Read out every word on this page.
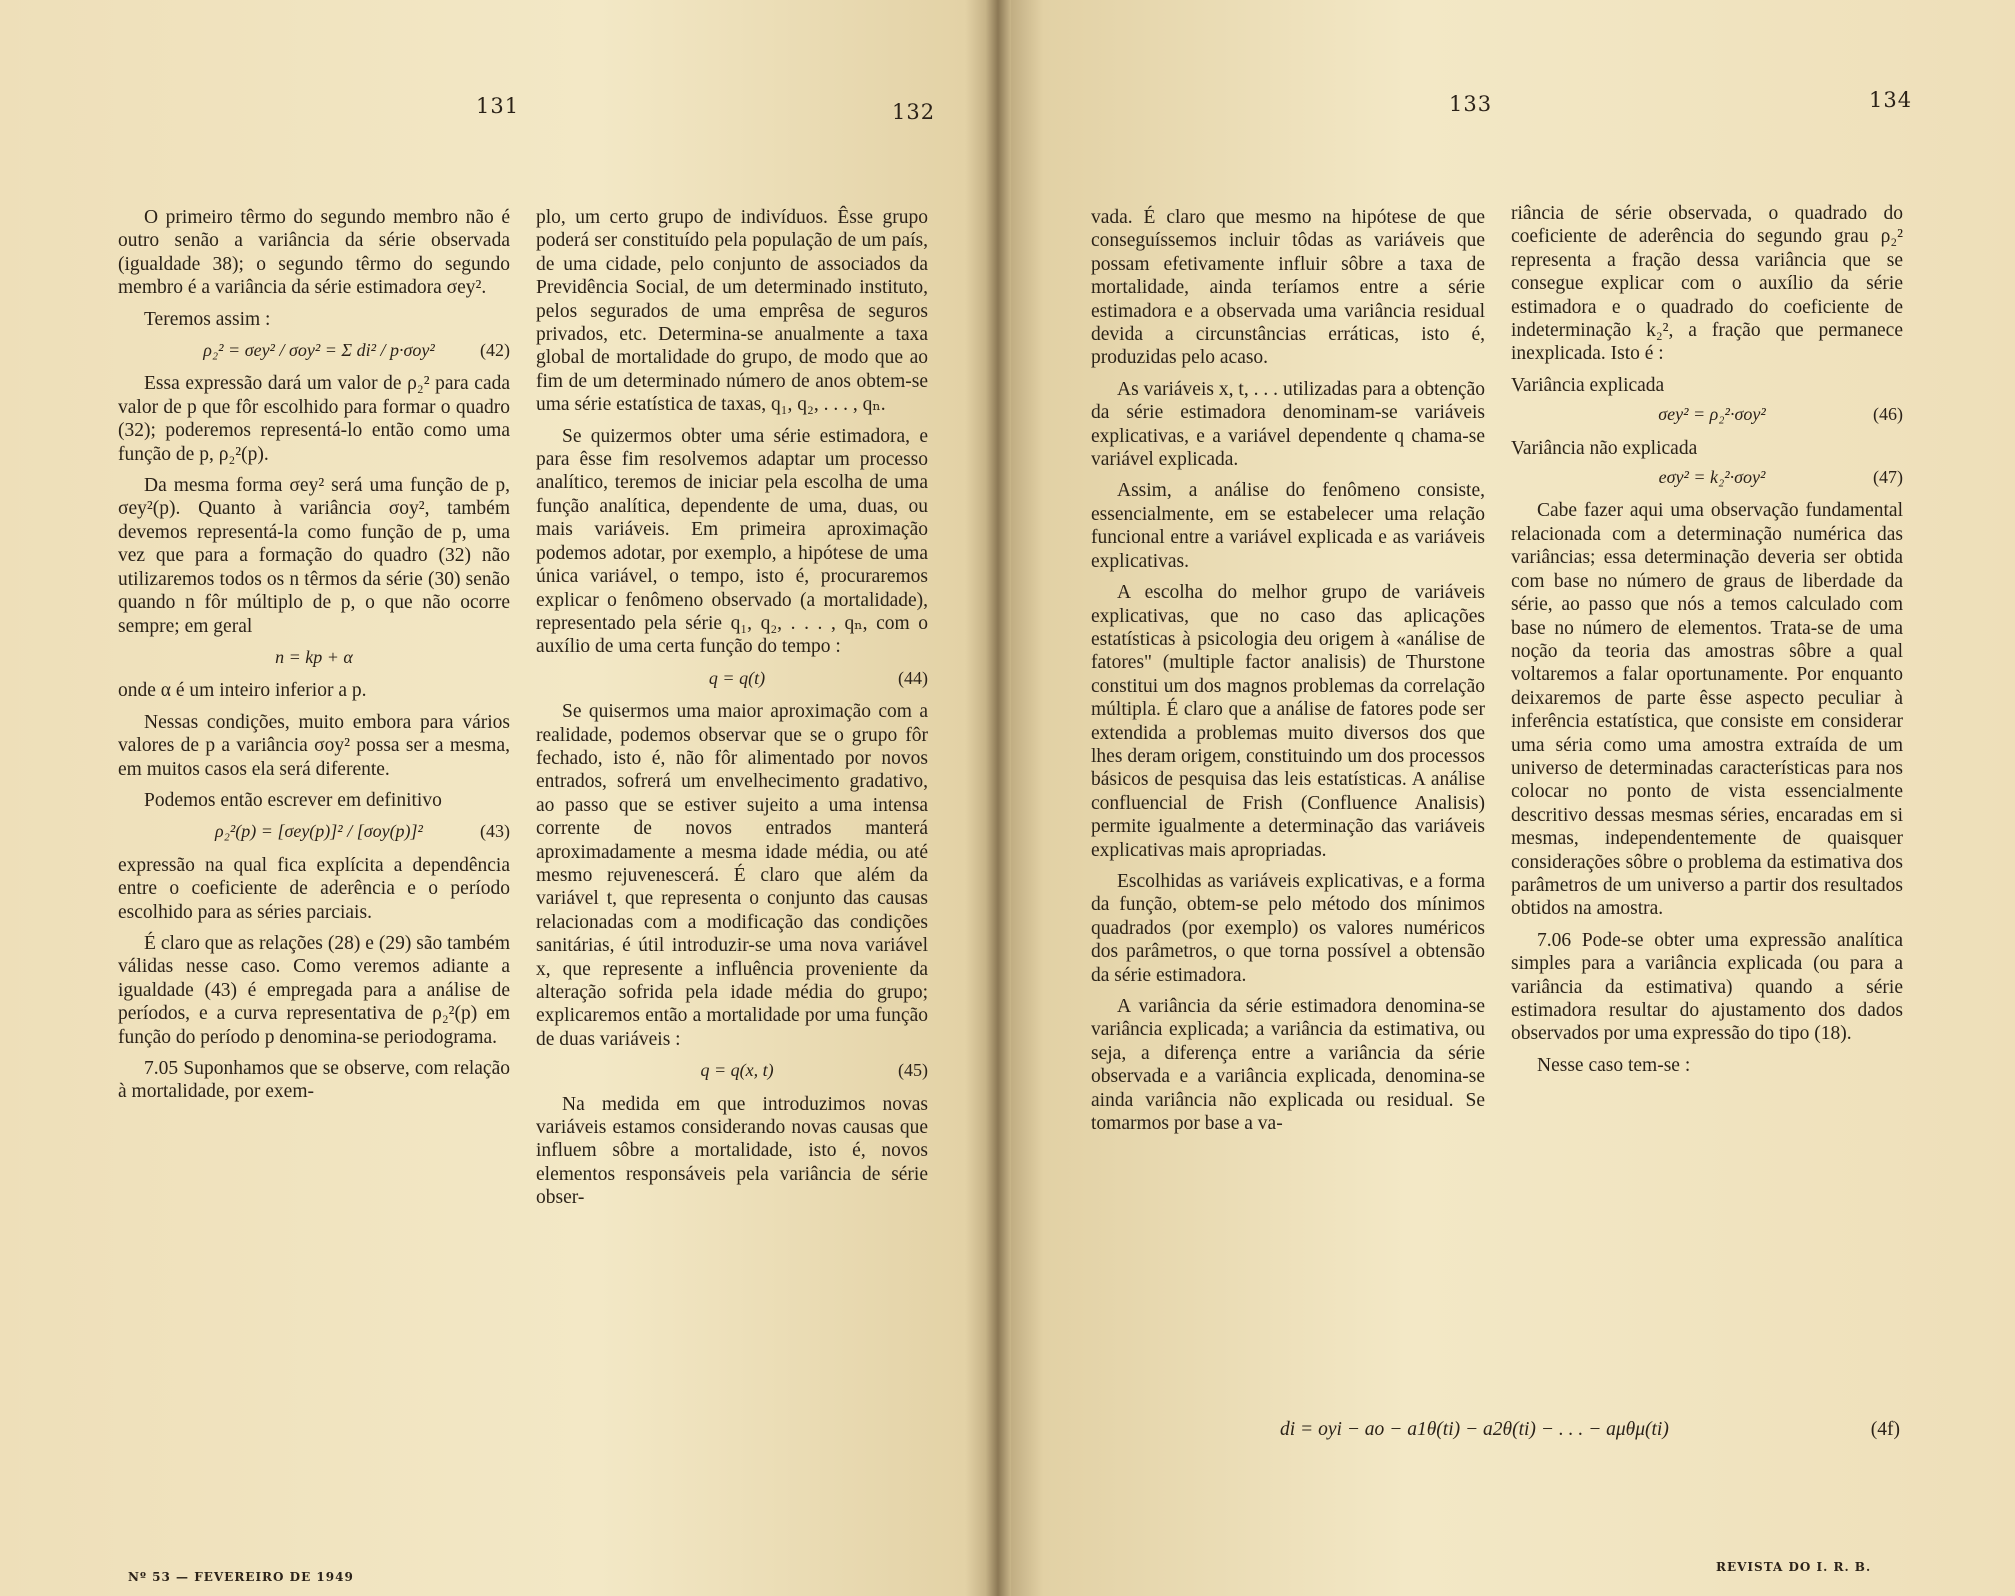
131	132	133	134

O primeiro têrmo do segundo membro não é outro senão a variância da série observada (igualdade 38); o segundo têrmo do segundo membro é a variância da série estimadora σey².

Teremos assim :

ρ₂² = σey² / σoy² = Σ di² / p·σoy²	(42)

Essa expressão dará um valor de ρ₂² para cada valor de p que fôr escolhido para formar o quadro (32); poderemos representá-lo então como uma função de p, ρ₂²(p).

Da mesma forma σey² será uma função de p, σey²(p). Quanto à variância σoy², também devemos representá-la como função de p, uma vez que para a formação do quadro (32) não utilizaremos todos os n têrmos da série (30) senão quando n fôr múltiplo de p, o que não ocorre sempre; em geral

n = kp + α

onde α é um inteiro inferior a p.

Nessas condições, muito embora para vários valores de p a variância σoy² possa ser a mesma, em muitos casos ela será diferente.

Podemos então escrever em definitivo

ρ₂²(p) = [σey(p)]² / [σoy(p)]²	(43)

expressão na qual fica explícita a dependência entre o coeficiente de aderência e o período escolhido para as séries parciais.

É claro que as relações (28) e (29) são também válidas nesse caso. Como veremos adiante a igualdade (43) é empregada para a análise de períodos, e a curva representativa de ρ₂²(p) em função do período p denomina-se periodograma.

7.05 Suponhamos que se observe, com relação à mortalidade, por exem-

plo, um certo grupo de indivíduos. Êsse grupo poderá ser constituído pela população de um país, de uma cidade, pelo conjunto de associados da Previdência Social, de um determinado instituto, pelos segurados de uma emprêsa de seguros privados, etc. Determina-se anualmente a taxa global de mortalidade do grupo, de modo que ao fim de um determinado número de anos obtem-se uma série estatística de taxas, q₁, q₂, . . . , qₙ.

Se quizermos obter uma série estimadora, e para êsse fim resolvemos adaptar um processo analítico, teremos de iniciar pela escolha de uma função analítica, dependente de uma, duas, ou mais variáveis. Em primeira aproximação podemos adotar, por exemplo, a hipótese de uma única variável, o tempo, isto é, procuraremos explicar o fenômeno observado (a mortalidade), representado pela série q₁, q₂, . . . , qₙ, com o auxílio de uma certa função do tempo :

q = q(t)	(44)

Se quisermos uma maior aproximação com a realidade, podemos observar que se o grupo fôr fechado, isto é, não fôr alimentado por novos entrados, sofrerá um envelhecimento gradativo, ao passo que se estiver sujeito a uma intensa corrente de novos entrados manterá aproximadamente a mesma idade média, ou até mesmo rejuvenescerá. É claro que além da variável t, que representa o conjunto das causas relacionadas com a modificação das condições sanitárias, é útil introduzir-se uma nova variável x, que represente a influência proveniente da alteração sofrida pela idade média do grupo; explicaremos então a mortalidade por uma função de duas variáveis :

q = q(x, t)	(45)

Na medida em que introduzimos novas variáveis estamos considerando novas causas que influem sôbre a mortalidade, isto é, novos elementos responsáveis pela variância de série obser-

vada. É claro que mesmo na hipótese de que conseguíssemos incluir tôdas as variáveis que possam efetivamente influir sôbre a taxa de mortalidade, ainda teríamos entre a série estimadora e a observada uma variância residual devida a circunstâncias erráticas, isto é, produzidas pelo acaso.

As variáveis x, t, . . . utilizadas para a obtenção da série estimadora denominam-se variáveis explicativas, e a variável dependente q chama-se variável explicada.

Assim, a análise do fenômeno consiste, essencialmente, em se estabelecer uma relação funcional entre a variável explicada e as variáveis explicativas.

A escolha do melhor grupo de variáveis explicativas, que no caso das aplicações estatísticas à psicologia deu origem à «análise de fatores" (multiple factor analisis) de Thurstone constitui um dos magnos problemas da correlação múltipla. É claro que a análise de fatores pode ser extendida a problemas muito diversos dos que lhes deram origem, constituindo um dos processos básicos de pesquisa das leis estatísticas. A análise confluencial de Frish (Confluence Analisis) permite igualmente a determinação das variáveis explicativas mais apropriadas.

Escolhidas as variáveis explicativas, e a forma da função, obtem-se pelo método dos mínimos quadrados (por exemplo) os valores numéricos dos parâmetros, o que torna possível a obtensão da série estimadora.

A variância da série estimadora denomina-se variância explicada; a variância da estimativa, ou seja, a diferença entre a variância da série observada e a variância explicada, denomina-se ainda variância não explicada ou residual. Se tomarmos por base a va-

riância de série observada, o quadrado do coeficiente de aderência do segundo grau ρ₂² representa a fração dessa variância que se consegue explicar com o auxílio da série estimadora e o quadrado do coeficiente de indeterminação k₂², a fração que permanece inexplicada. Isto é :

Variância explicada

σey² = ρ₂²·σoy²	(46)

Variância não explicada

eσy² = k₂²·σoy²	(47)

Cabe fazer aqui uma observação fundamental relacionada com a determinação numérica das variâncias; essa determinação deveria ser obtida com base no número de graus de liberdade da série, ao passo que nós a temos calculado com base no número de elementos. Trata-se de uma noção da teoria das amostras sôbre a qual voltaremos a falar oportunamente. Por enquanto deixaremos de parte êsse aspecto peculiar à inferência estatística, que consiste em considerar uma séria como uma amostra extraída de um universo de determinadas características para nos colocar no ponto de vista essencialmente descritivo dessas mesmas séries, encaradas em si mesmas, independentemente de quaisquer considerações sôbre o problema da estimativa dos parâmetros de um universo a partir dos resultados obtidos na amostra.

7.06 Pode-se obter uma expressão analítica simples para a variância explicada (ou para a variância da estimativa) quando a série estimadora resultar do ajustamento dos dados observados por uma expressão do tipo (18).

Nesse caso tem-se :

di = oyi − ao − a1θ(ti) − a2θ(ti) − . . . − aμθμ(ti)	(4f)
Nº 53 — FEVEREIRO DE 1949
REVISTA DO I. R. B.
